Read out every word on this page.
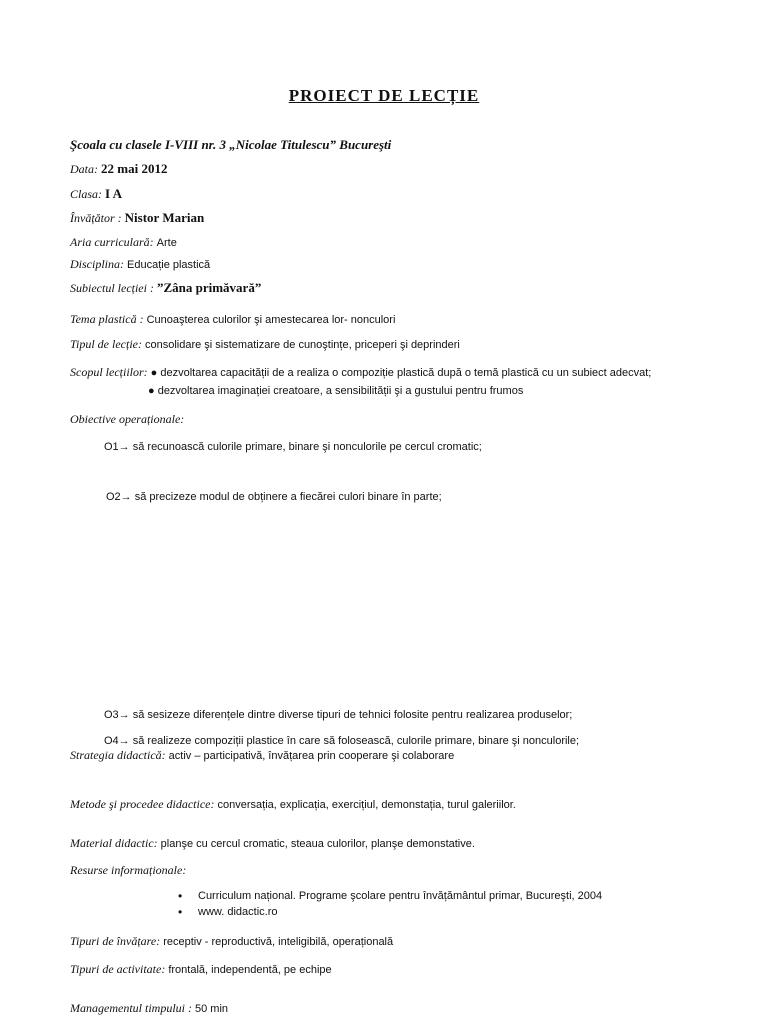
PROIECT DE LECȚIE
Şcoala cu clasele I-VIII nr. 3 „Nicolae Titulescu” Bucureşti
Data: 22 mai 2012
Clasa: I A
Învățător : Nistor Marian
Aria curriculară: Arte
Disciplina: Educație plastică
Subiectul lecției : ”Zâna primăvară”
Tema plastică : Cunoaşterea culorilor şi amestecarea lor- nonculori
Tipul de lecție: consolidare şi sistematizare de cunoştințe, priceperi şi deprinderi
Scopul lecțiilor: ● dezvoltarea capacității de a realiza o compoziție plastică după o temă plastică cu un subiect adecvat;
● dezvoltarea imaginației creatoare, a sensibilității şi a gustului pentru frumos
Obiective operaționale:
O1→ să recunoască culorile primare, binare şi nonculorile pe cercul cromatic;
O2→ să precizeze modul de obținere a fiecărei culori binare în parte;
O3→ să sesizeze diferențele dintre diverse tipuri de tehnici folosite pentru realizarea produselor;
O4→ să realizeze compoziții plastice în care să folosească, culorile primare, binare şi nonculorile;
Strategia didactică: activ – participativă, învățarea prin cooperare şi colaborare
Metode şi procedee didactice: conversația, explicația, exercițiul, demonstația, turul galeriilor.
Material didactic: planşe cu cercul cromatic, steaua culorilor, planşe demonstative.
Resurse informaționale:
• Curriculum național. Programe şcolare pentru învățământul primar, Bucureşti, 2004
• www. didactic.ro
Tipuri de învățare: receptiv - reproductivă, inteligibilă, operațională
Tipuri de activitate: frontală, independentă, pe echipe
Managementul timpului : 50 min
